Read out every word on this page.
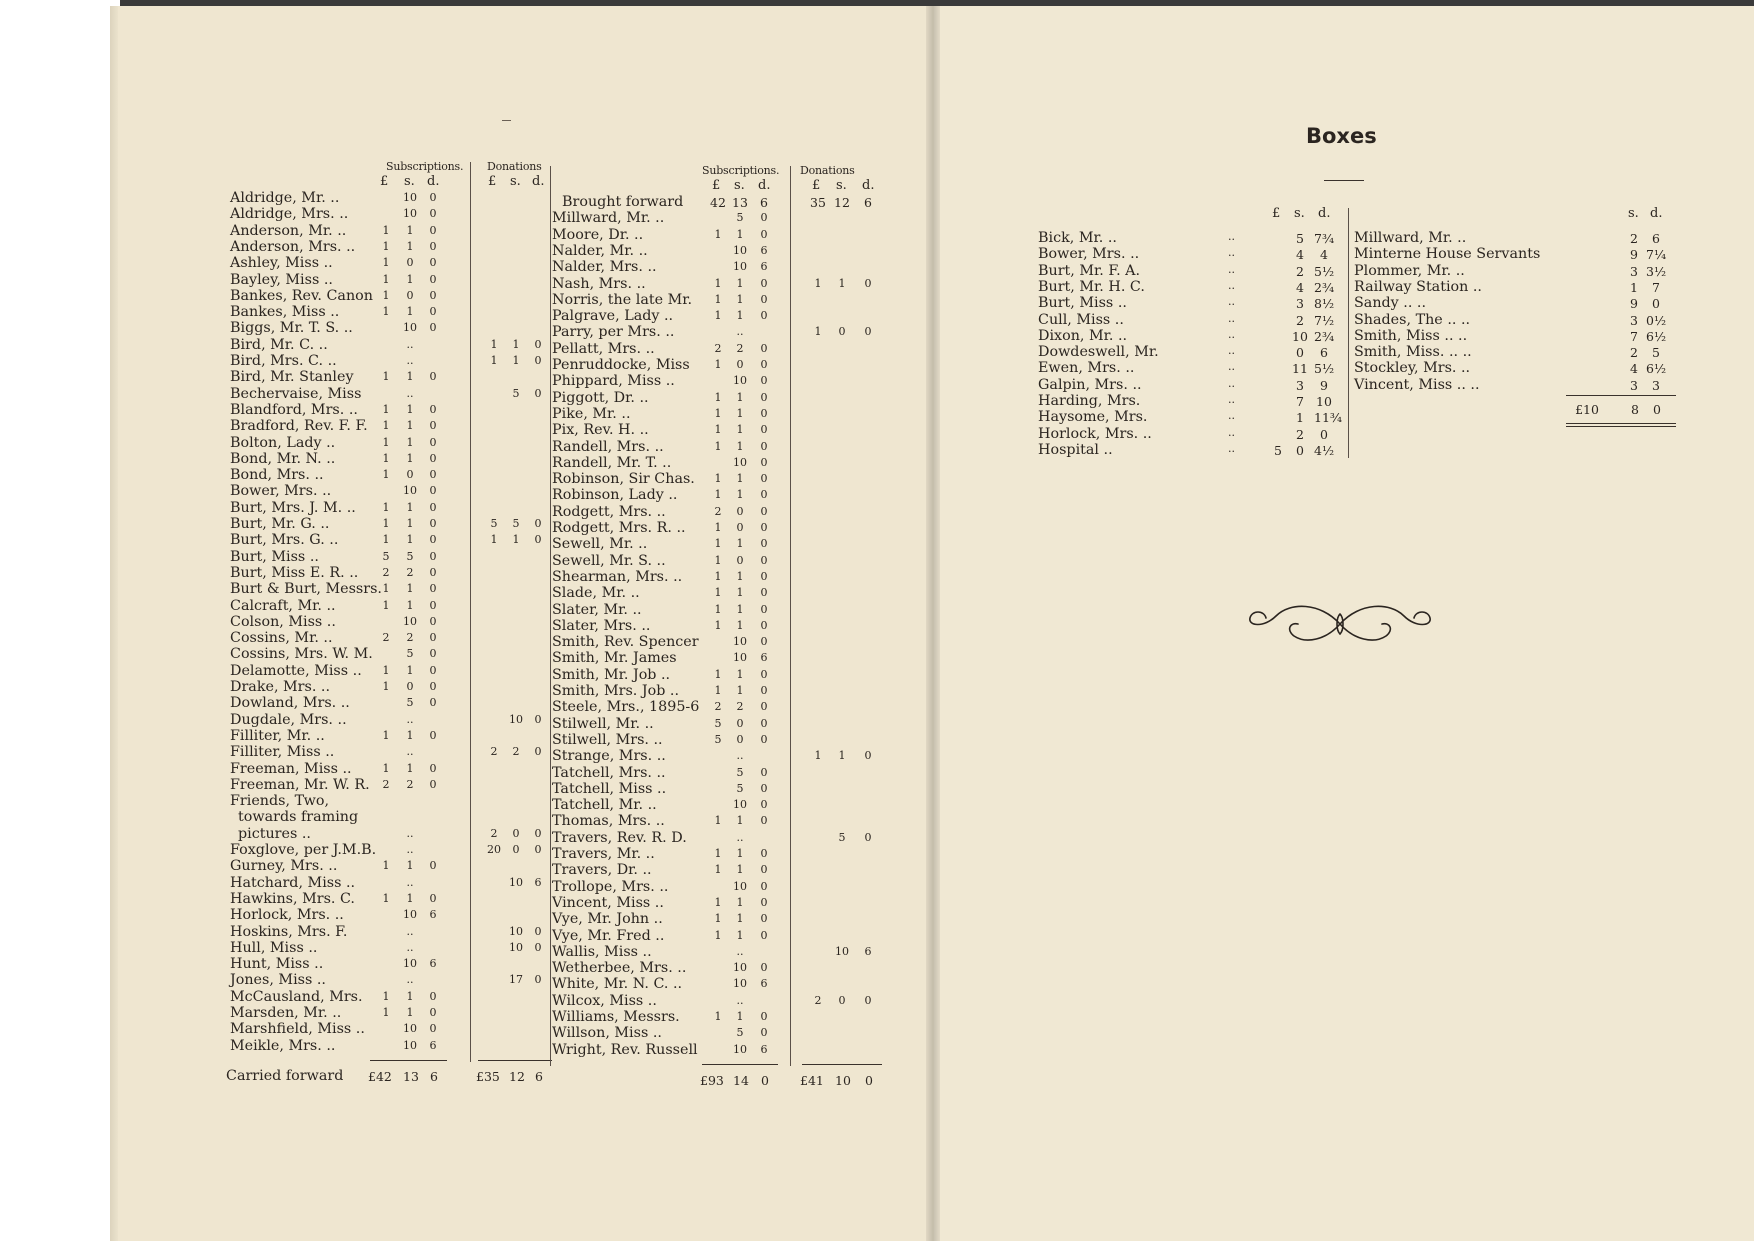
Subscriptions. Donations
£ s. d.	£ s. d.
Aldridge, Mr. ..	10	0
Aldridge, Mrs. ..	10	0
Anderson, Mr. ..	1	1	0
Anderson, Mrs. ..	1	1	0
Ashley, Miss ..	1	0	0
Bayley, Miss ..	1	1	0
Bankes, Rev. Canon 1	0	0
Bankes, Miss ..	1	1	0
Biggs, Mr. T. S. ..	10	0
Bird, Mr. C. ..	..	1	1	0
Bird, Mrs. C. ..	..	1	1	0
Bird, Mr. Stanley	1	1	0
Bechervaise, Miss	..	5	0
Blandford, Mrs. ..	1	1	0
Bradford, Rev. F. F.	1	1	0
Bolton, Lady ..	1	1	0
Bond, Mr. N. ..	1	1	0
Bond, Mrs. ..	1	0	0
Bower, Mrs. ..	10	0
Burt, Mrs. J. M. ..	1	1	0
Burt, Mr. G. ..	1	1	0	5	5	0
Burt, Mrs. G. ..	1	1	0	1	1	0
Burt, Miss ..	5	5	0
Burt, Miss E. R. ..	2	2	0
Burt & Burt, Messrs. 1	1	0
Calcraft, Mr. ..	1	1	0
Colson, Miss ..	10	0
Cossins, Mr. ..	2	2	0
Cossins, Mrs. W. M.	5	0
Delamotte, Miss ..	1	1	0
Drake, Mrs. ..	1	0	0
Dowland, Mrs. ..	5	0
Dugdale, Mrs. ..	..	10	0
Filliter, Mr. ..	1	1	0
Filliter, Miss ..	..	2	2	0
Freeman, Miss ..	1	1	0
Freeman, Mr. W. R.	2	2	0
Friends, Two,
towards framing
pictures ..	..	2	0	0
Foxglove, per J.M.B.	..	20	0	0
Gurney, Mrs. ..	1	1	0
Hatchard, Miss ..	..	10	6
Hawkins, Mrs. C.	1	1	0
Horlock, Mrs. ..	10	6
Hoskins, Mrs. F.	..	10	0
Hull, Miss ..	..	10	0
Hunt, Miss ..	10	6
Jones, Miss ..	..	17	0
McCausland, Mrs.	1	1	0
Marsden, Mr. ..	1	1	0
Marshfield, Miss ..	10	0
Meikle, Mrs. ..	10	6
Carried forward £42 13 6	£35 12 6
Subscriptions. Donations
£ s. d.	£ s. d.
Brought forward 42 13 6	35 12	6
Millward, Mr. ..	5	0
Moore, Dr. ..	1	1	0
Nalder, Mr. ..	10	6
Nalder, Mrs. ..	10	6
Nash, Mrs. ..	1	1	0	1	1	0
Norris, the late Mr.	1	1	0
Palgrave, Lady ..	1	1	0
Parry, per Mrs. ..	..	1	0	0
Pellatt, Mrs. ..	2	2	0
Penruddocke, Miss	1	0	0
Phippard, Miss ..	10	0
Piggott, Dr. ..	1	1	0
Pike, Mr. ..	1	1	0
Pix, Rev. H. ..	1	1	0
Randell, Mrs. ..	1	1	0
Randell, Mr. T. ..	10	0
Robinson, Sir Chas.	1	1	0
Robinson, Lady ..	1	1	0
Rodgett, Mrs. ..	2	0	0
Rodgett, Mrs. R. ..	1	0	0
Sewell, Mr. ..	1	1	0
Sewell, Mr. S. ..	1	0	0
Shearman, Mrs. ..	1	1	0
Slade, Mr. ..	1	1	0
Slater, Mr. ..	1	1	0
Slater, Mrs. ..	1	1	0
Smith, Rev. Spencer	10	0
Smith, Mr. James	10	6
Smith, Mr. Job ..	1	1	0
Smith, Mrs. Job ..	1	1	0
Steele, Mrs., 1895-6	2	2	0
Stilwell, Mr. ..	5	0	0
Stilwell, Mrs. ..	5	0	0
Strange, Mrs. ..	..	1	1	0
Tatchell, Mrs. ..	5	0
Tatchell, Miss ..	5	0
Tatchell, Mr. ..	10	0
Thomas, Mrs. ..	1	1	0
Travers, Rev. R. D.	..	5	0
Travers, Mr. ..	1	1	0
Travers, Dr. ..	1	1	0
Trollope, Mrs. ..	10	0
Vincent, Miss ..	1	1	0
Vye, Mr. John ..	1	1	0
Vye, Mr. Fred ..	1	1	0
Wallis, Miss ..	..	10	6
Wetherbee, Mrs. ..	10	0
White, Mr. N. C. ..	10	6
Wilcox, Miss ..	..	2	0	0
Williams, Messrs.	1	1	0
Willson, Miss ..	5	0
Wright, Rev. Russell	10	6
£93 14 0	£41 10	0
Boxes
£ s. d.
Bick, Mr. ..	..	5 7¾
Bower, Mrs. ..	..	4	4
Burt, Mr. F. A.	..	2 5½
Burt, Mr. H. C.	..	4 2¾
Burt, Miss ..	..	3 8½
Cull, Miss ..	..	2 7½
Dixon, Mr. ..	..	10 2¾
Dowdeswell, Mr.	..	0	6
Ewen, Mrs. ..	..	11 5½
Galpin, Mrs. ..	..	3	9
Harding, Mrs.	..	7 10
Haysome, Mrs.	..	1 11¾
Horlock, Mrs. ..	..	2	0
Hospital ..	..	5	0 4½
s. d.
Millward, Mr. ..	2	6
Minterne House Servants	9 7¼
Plommer, Mr. ..	3 3½
Railway Station ..	1	7
Sandy .. ..	9	0
Shades, The .. ..	3 0½
Smith, Miss .. ..	7 6½
Smith, Miss. .. ..	2	5
Stockley, Mrs. ..	4 6½
Vincent, Miss .. ..	3	3
£10	8	0
